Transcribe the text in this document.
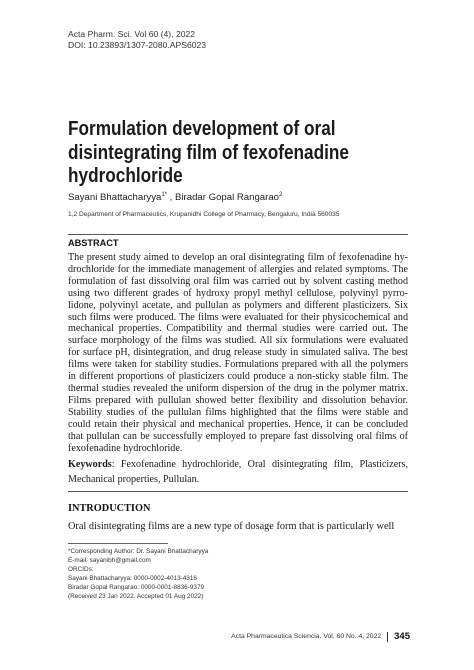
Acta Pharm. Sci. Vol 60 (4), 2022
DOI: 10.23893/1307-2080.APS6023
Formulation development of oral disintegrating film of fexofenadine hydrochloride
Sayani Bhattacharyya$^{1*}$ , Biradar Gopal Rangarao$^2$
1,2 Department of Pharmaceutics, Krupanidhi College of Pharmacy, Bengaluru, India 560035
ABSTRACT

The present study aimed to develop an oral disintegrating film of fexofenadine hy-drochloride for the immediate management of allergies and related symptoms. The formulation of fast dissolving oral film was carried out by solvent casting method using two different grades of hydroxy propyl methyl cellulose, polyvinyl pyrro-lidone, polyvinyl acetate, and pullulan as polymers and different plasticizers. Six such films were produced. The films were evaluated for their physicochemical and mechanical properties. Compatibility and thermal studies were carried out. The surface morphology of the films was studied. All six formulations were evaluated for surface pH, disintegration, and drug release study in simulated saliva. The best films were taken for stability studies. Formulations prepared with all the polymers in different proportions of plasticizers could produce a non-sticky stable film. The thermal studies revealed the uniform dispersion of the drug in the polymer matrix. Films prepared with pullulan showed better flexibility and dissolution behavior. Stability studies of the pullulan films highlighted that the films were stable and could retain their physical and mechanical properties. Hence, it can be concluded that pullulan can be successfully employed to prepare fast dissolving oral films of fexofenadine hydrochloride.

Keywords: Fexofenadine hydrochloride, Oral disintegrating film, Plasticizers, Mechanical properties, Pullulan.

INTRODUCTION

Oral disintegrating films are a new type of dosage form that is particularly well

*Corresponding Author: Dr. Sayani Bhattacharyya
E-mail: sayanibh@gmail.com
ORCIDs:
Sayani Bhattacharyya: 0000-0002-4013-4316
Biradar Gopal Rangarao: 0000-0001-8836-9379
(Received 23 Jan 2022, Accepted 01 Aug 2022)
Acta Pharmaceutica Sciencia. Vol. 60 No. 4, 2022 345
